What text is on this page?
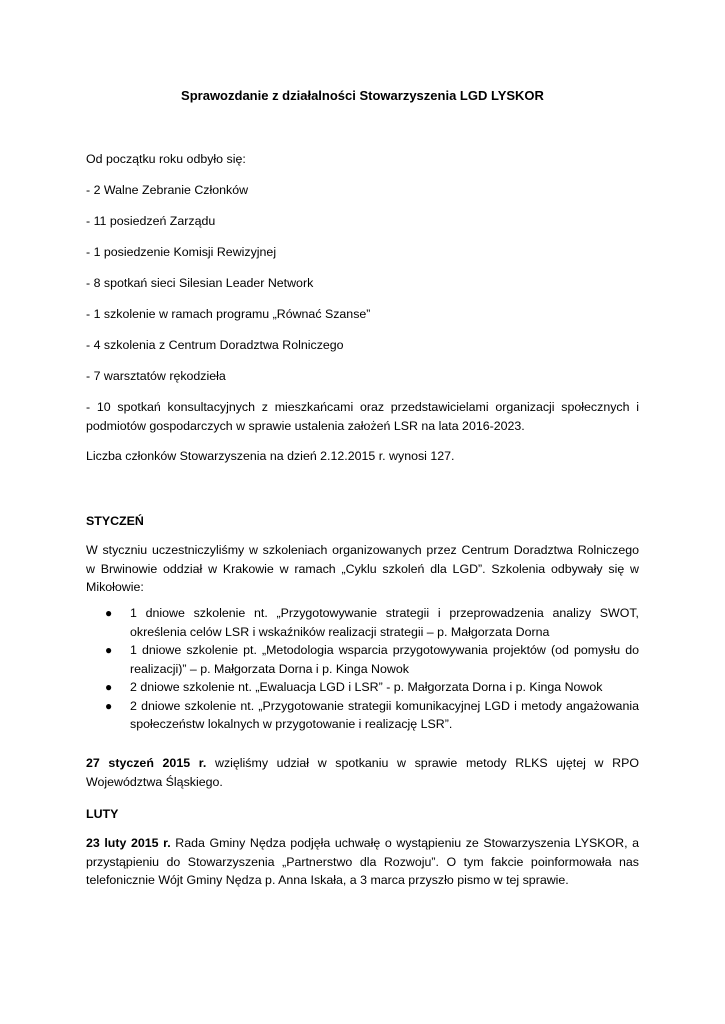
Sprawozdanie z działalności Stowarzyszenia LGD LYSKOR

Od początku roku odbyło się:

- 2 Walne Zebranie Członków

- 11 posiedzeń Zarządu

- 1 posiedzenie Komisji Rewizyjnej

- 8 spotkań sieci Silesian Leader Network

- 1 szkolenie w ramach programu „Równać Szanse”

- 4 szkolenia z Centrum Doradztwa Rolniczego

- 7 warsztatów rękodzieła

- 10 spotkań konsultacyjnych z mieszkańcami oraz przedstawicielami organizacji społecznych i podmiotów gospodarczych w sprawie ustalenia założeń LSR na lata 2016-2023.

Liczba członków Stowarzyszenia na dzień 2.12.2015 r. wynosi 127.

STYCZEŃ

W styczniu uczestniczyliśmy w szkoleniach organizowanych przez Centrum Doradztwa Rolniczego w Brwinowie oddział w Krakowie w ramach „Cyklu szkoleń dla LGD”. Szkolenia odbywały się w Mikołowie:

● 1 dniowe szkolenie nt. „Przygotowywanie strategii i przeprowadzenia analizy SWOT, określenia celów LSR i wskaźników realizacji strategii – p. Małgorzata Dorna
● 1 dniowe szkolenie pt. „Metodologia wsparcia przygotowywania projektów (od pomysłu do realizacji)” – p. Małgorzata Dorna i p. Kinga Nowok
● 2 dniowe szkolenie nt. „Ewaluacja LGD i LSR” - p. Małgorzata Dorna i p. Kinga Nowok
● 2 dniowe szkolenie nt. „Przygotowanie strategii komunikacyjnej LGD i metody angażowania społeczeństw lokalnych w przygotowanie i realizację LSR”.

27 styczeń 2015 r. wzięliśmy udział w spotkaniu w sprawie metody RLKS ujętej w RPO Województwa Śląskiego.

LUTY

23 luty 2015 r. Rada Gminy Nędza podjęła uchwałę o wystąpieniu ze Stowarzyszenia LYSKOR, a przystąpieniu do Stowarzyszenia „Partnerstwo dla Rozwoju”. O tym fakcie poinformowała nas telefonicznie Wójt Gminy Nędza p. Anna Iskała, a 3 marca przyszło pismo w tej sprawie.
